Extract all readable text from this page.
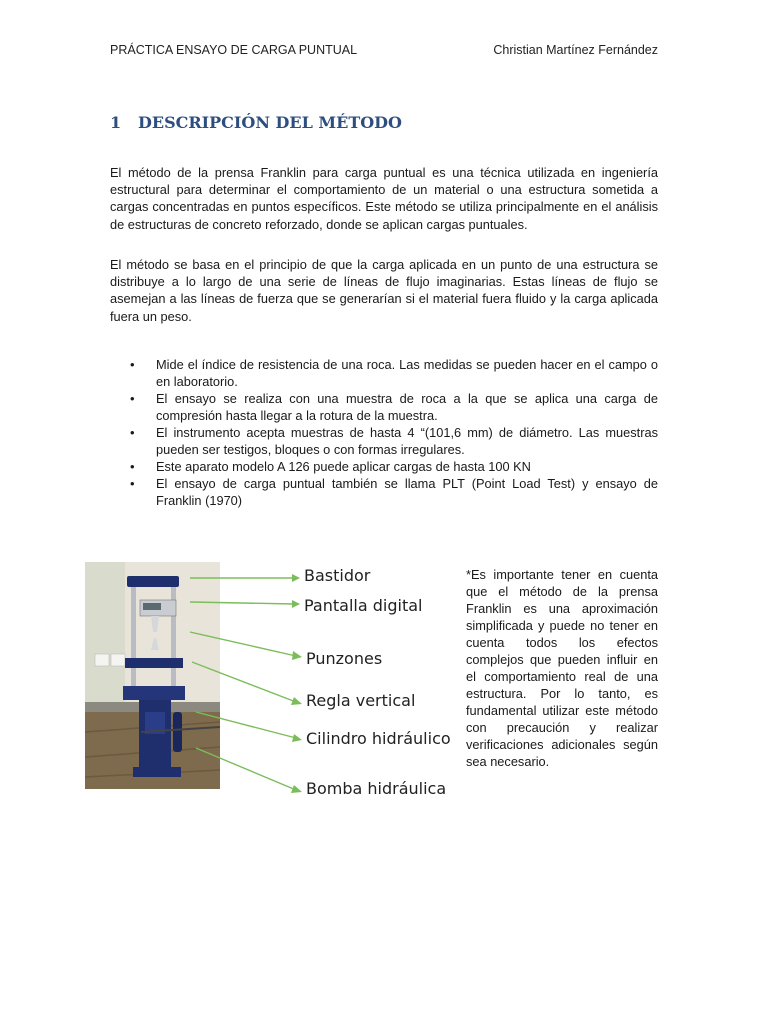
PRÁCTICA ENSAYO DE CARGA PUNTUAL	Christian Martínez Fernández
1 DESCRIPCIÓN DEL MÉTODO

El método de la prensa Franklin para carga puntual es una técnica utilizada en ingeniería estructural para determinar el comportamiento de un material o una estructura sometida a cargas concentradas en puntos específicos. Este método se utiliza principalmente en el análisis de estructuras de concreto reforzado, donde se aplican cargas puntuales.

El método se basa en el principio de que la carga aplicada en un punto de una estructura se distribuye a lo largo de una serie de líneas de flujo imaginarias. Estas líneas de flujo se asemejan a las líneas de fuerza que se generarían si el material fuera fluido y la carga aplicada fuera un peso.

• Mide el índice de resistencia de una roca. Las medidas se pueden hacer en el campo o en laboratorio.
• El ensayo se realiza con una muestra de roca a la que se aplica una carga de compresión hasta llegar a la rotura de la muestra.
• El instrumento acepta muestras de hasta 4 “(101,6 mm) de diámetro. Las muestras pueden ser testigos, bloques o con formas irregulares.
• Este aparato modelo A 126 puede aplicar cargas de hasta 100 KN
• El ensayo de carga puntual también se llama PLT (Point Load Test) y ensayo de Franklin (1970)
Bastidor
Pantalla digital
Punzones
Regla vertical
Cilindro hidráulico
Bomba hidráulica

*Es importante tener en cuenta que el método de la prensa Franklin es una aproximación simplificada y puede no tener en cuenta todos los efectos complejos que pueden influir en el comportamiento real de una estructura. Por lo tanto, es fundamental utilizar este método con precaución y realizar verificaciones adicionales según sea necesario.
